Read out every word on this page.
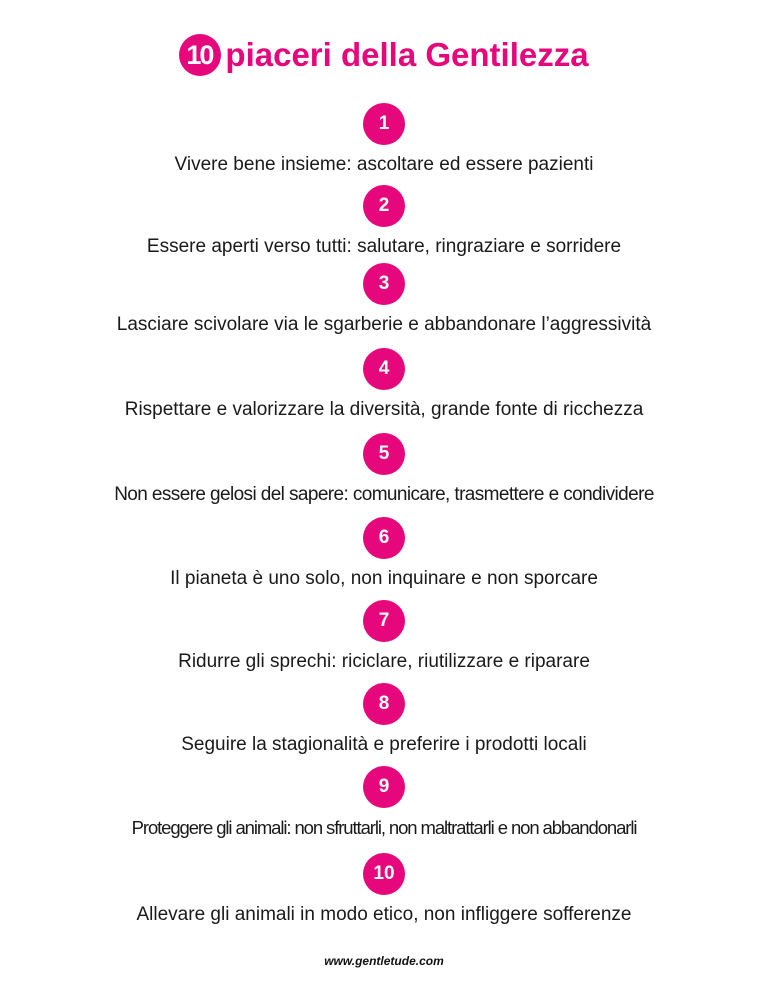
10 piaceri della Gentilezza
1
Vivere bene insieme: ascoltare ed essere pazienti
2
Essere aperti verso tutti: salutare, ringraziare e sorridere
3
Lasciare scivolare via le sgarberie e abbandonare l’aggressività
4
Rispettare e valorizzare la diversità, grande fonte di ricchezza
5
Non essere gelosi del sapere: comunicare, trasmettere e condividere
6
Il pianeta è uno solo, non inquinare e non sporcare
7
Ridurre gli sprechi: riciclare, riutilizzare e riparare
8
Seguire la stagionalità e preferire i prodotti locali
9
Proteggere gli animali: non sfruttarli, non maltrattarli e non abbandonarli
10
Allevare gli animali in modo etico, non infliggere sofferenze
www.gentletude.com
